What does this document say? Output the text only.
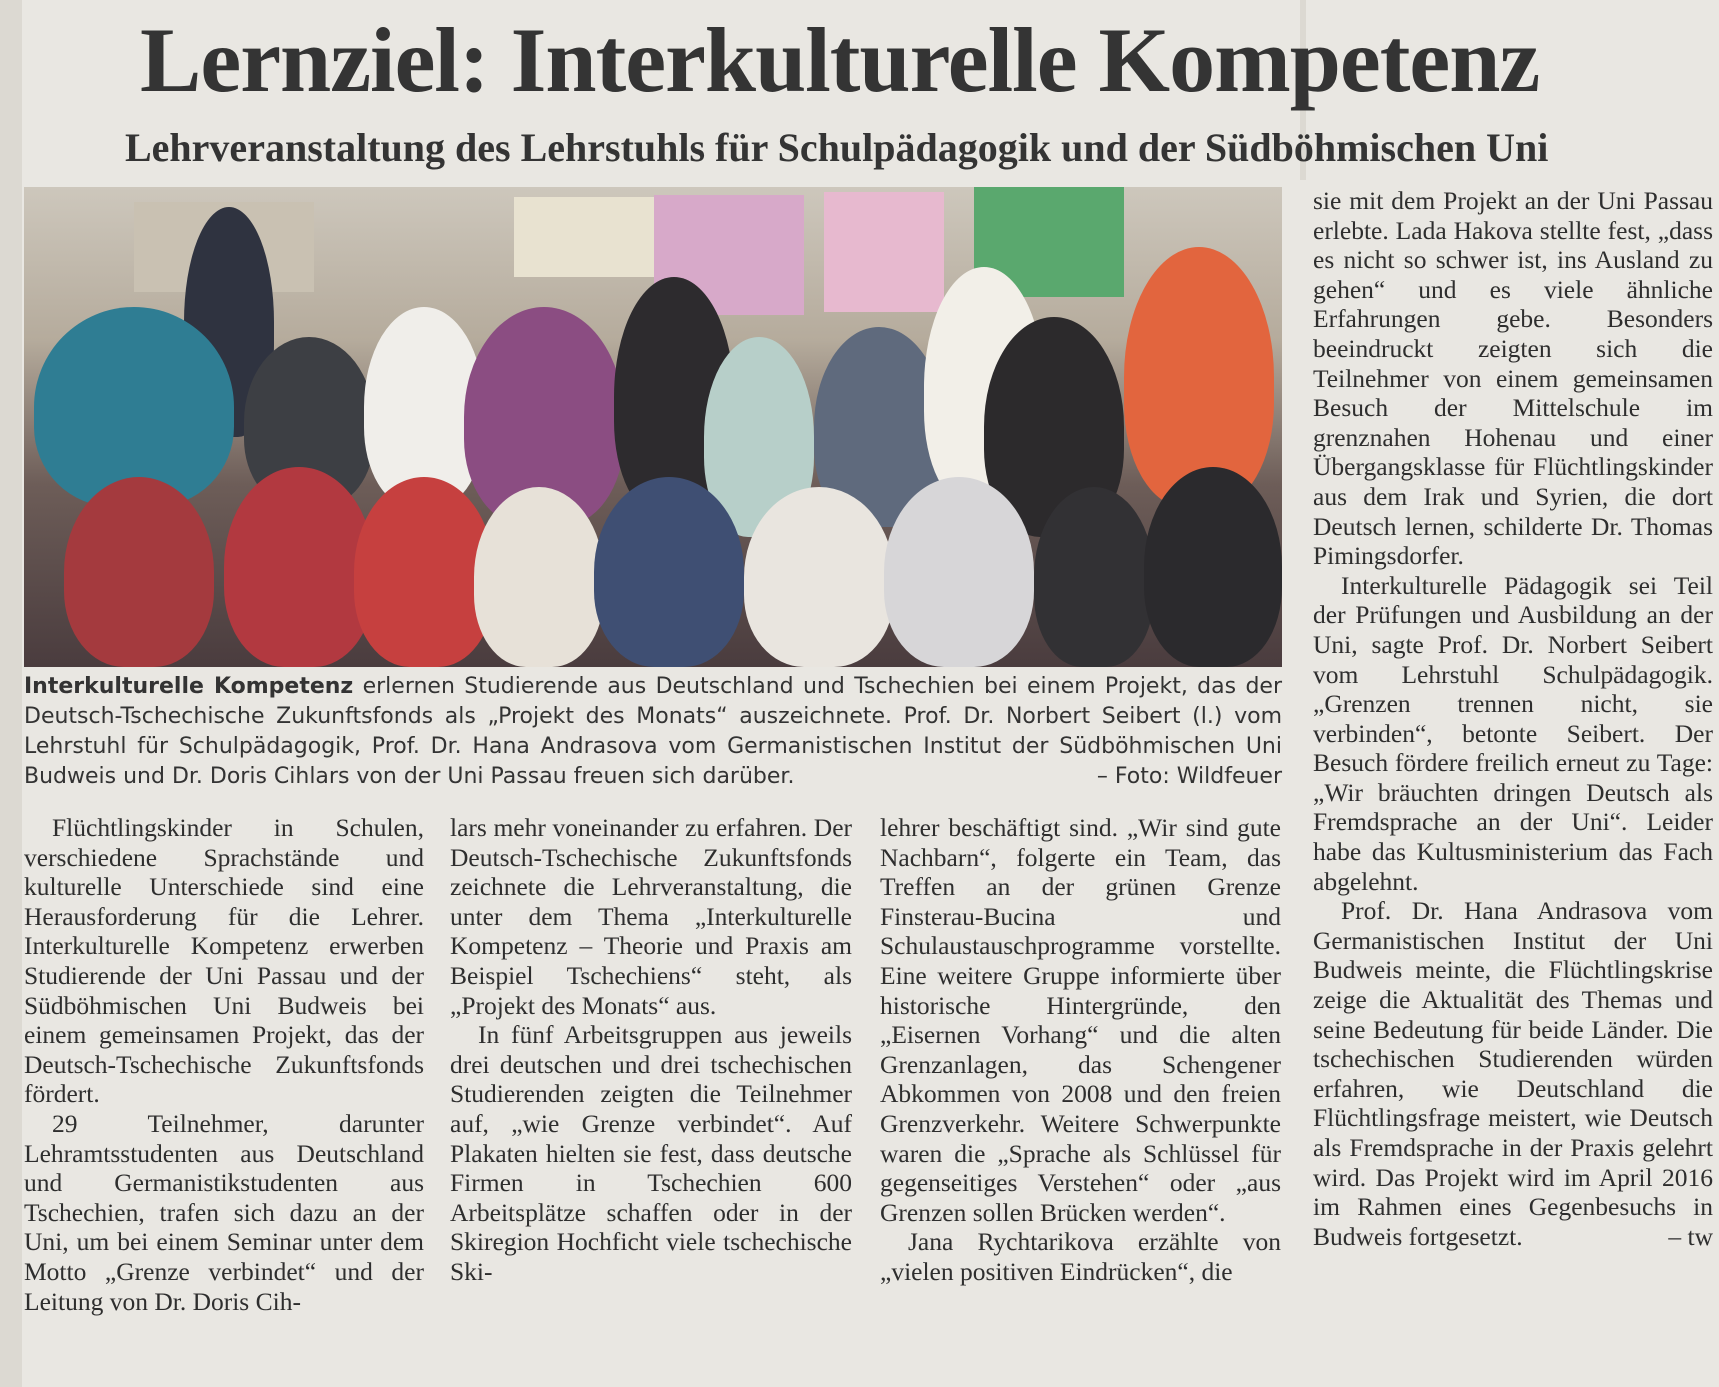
Lernziel: Interkulturelle Kompetenz
Lehrveranstaltung des Lehrstuhls für Schulpädagogik und der Südböhmischen Uni

Interkulturelle Kompetenz erlernen Studierende aus Deutschland und Tschechien bei einem Projekt, das der Deutsch-Tschechische Zukunftsfonds als „Projekt des Monats“ auszeichnete. Prof. Dr. Norbert Seibert (l.) vom Lehrstuhl für Schulpädagogik, Prof. Dr. Hana Andrasova vom Germanistischen Institut der Südböhmischen Uni Budweis und Dr. Doris Cihlars von der Uni Passau freuen sich darüber.	– Foto: Wildfeuer

Flüchtlingskinder in Schulen, verschiedene Sprachstände und kulturelle Unterschiede sind eine Herausforderung für die Lehrer. Interkulturelle Kompetenz erwerben Studierende der Uni Passau und der Südböhmischen Uni Budweis bei einem gemeinsamen Projekt, das der Deutsch-Tschechische Zukunftsfonds fördert.

29 Teilnehmer, darunter Lehramtsstudenten aus Deutschland und Germanistikstudenten aus Tschechien, trafen sich dazu an der Uni, um bei einem Seminar unter dem Motto „Grenze verbindet“ und der Leitung von Dr. Doris Cih-

lars mehr voneinander zu erfahren. Der Deutsch-Tschechische Zukunftsfonds zeichnete die Lehrveranstaltung, die unter dem Thema „Interkulturelle Kompetenz – Theorie und Praxis am Beispiel Tschechiens“ steht, als „Projekt des Monats“ aus.

In fünf Arbeitsgruppen aus jeweils drei deutschen und drei tschechischen Studierenden zeigten die Teilnehmer auf, „wie Grenze verbindet“. Auf Plakaten hielten sie fest, dass deutsche Firmen in Tschechien 600 Arbeitsplätze schaffen oder in der Skiregion Hochficht viele tschechische Ski-

lehrer beschäftigt sind. „Wir sind gute Nachbarn“, folgerte ein Team, das Treffen an der grünen Grenze Finsterau-Bucina und Schulaustauschprogramme vorstellte. Eine weitere Gruppe informierte über historische Hintergründe, den „Eisernen Vorhang“ und die alten Grenzanlagen, das Schengener Abkommen von 2008 und den freien Grenzverkehr. Weitere Schwerpunkte waren die „Sprache als Schlüssel für gegenseitiges Verstehen“ oder „aus Grenzen sollen Brücken werden“.

Jana Rychtarikova erzählte von „vielen positiven Eindrücken“, die

sie mit dem Projekt an der Uni Passau erlebte. Lada Hakova stellte fest, „dass es nicht so schwer ist, ins Ausland zu gehen“ und es viele ähnliche Erfahrungen gebe. Besonders beeindruckt zeigten sich die Teilnehmer von einem gemeinsamen Besuch der Mittelschule im grenznahen Hohenau und einer Übergangsklasse für Flüchtlingskinder aus dem Irak und Syrien, die dort Deutsch lernen, schilderte Dr. Thomas Pimingsdorfer.

Interkulturelle Pädagogik sei Teil der Prüfungen und Ausbildung an der Uni, sagte Prof. Dr. Norbert Seibert vom Lehrstuhl Schulpädagogik. „Grenzen trennen nicht, sie verbinden“, betonte Seibert. Der Besuch fördere freilich erneut zu Tage: „Wir bräuchten dringen Deutsch als Fremdsprache an der Uni“. Leider habe das Kultusministerium das Fach abgelehnt.

Prof. Dr. Hana Andrasova vom Germanistischen Institut der Uni Budweis meinte, die Flüchtlingskrise zeige die Aktualität des Themas und seine Bedeutung für beide Länder. Die tschechischen Studierenden würden erfahren, wie Deutschland die Flüchtlingsfrage meistert, wie Deutsch als Fremdsprache in der Praxis gelehrt wird. Das Projekt wird im April 2016 im Rahmen eines Gegenbesuchs in Budweis fortgesetzt.	– tw
